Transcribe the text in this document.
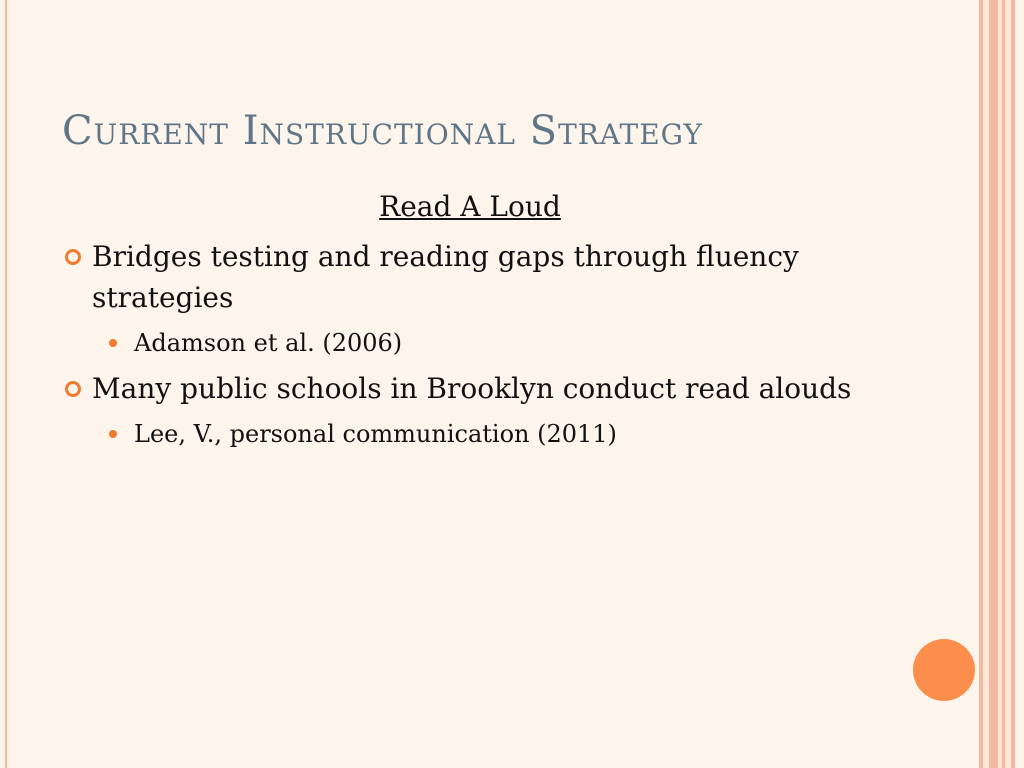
Current Instructional Strategy
Read A Loud
Bridges testing and reading gaps through fluency strategies
Adamson et al. (2006)
Many public schools in Brooklyn conduct read alouds
Lee, V., personal communication (2011)
